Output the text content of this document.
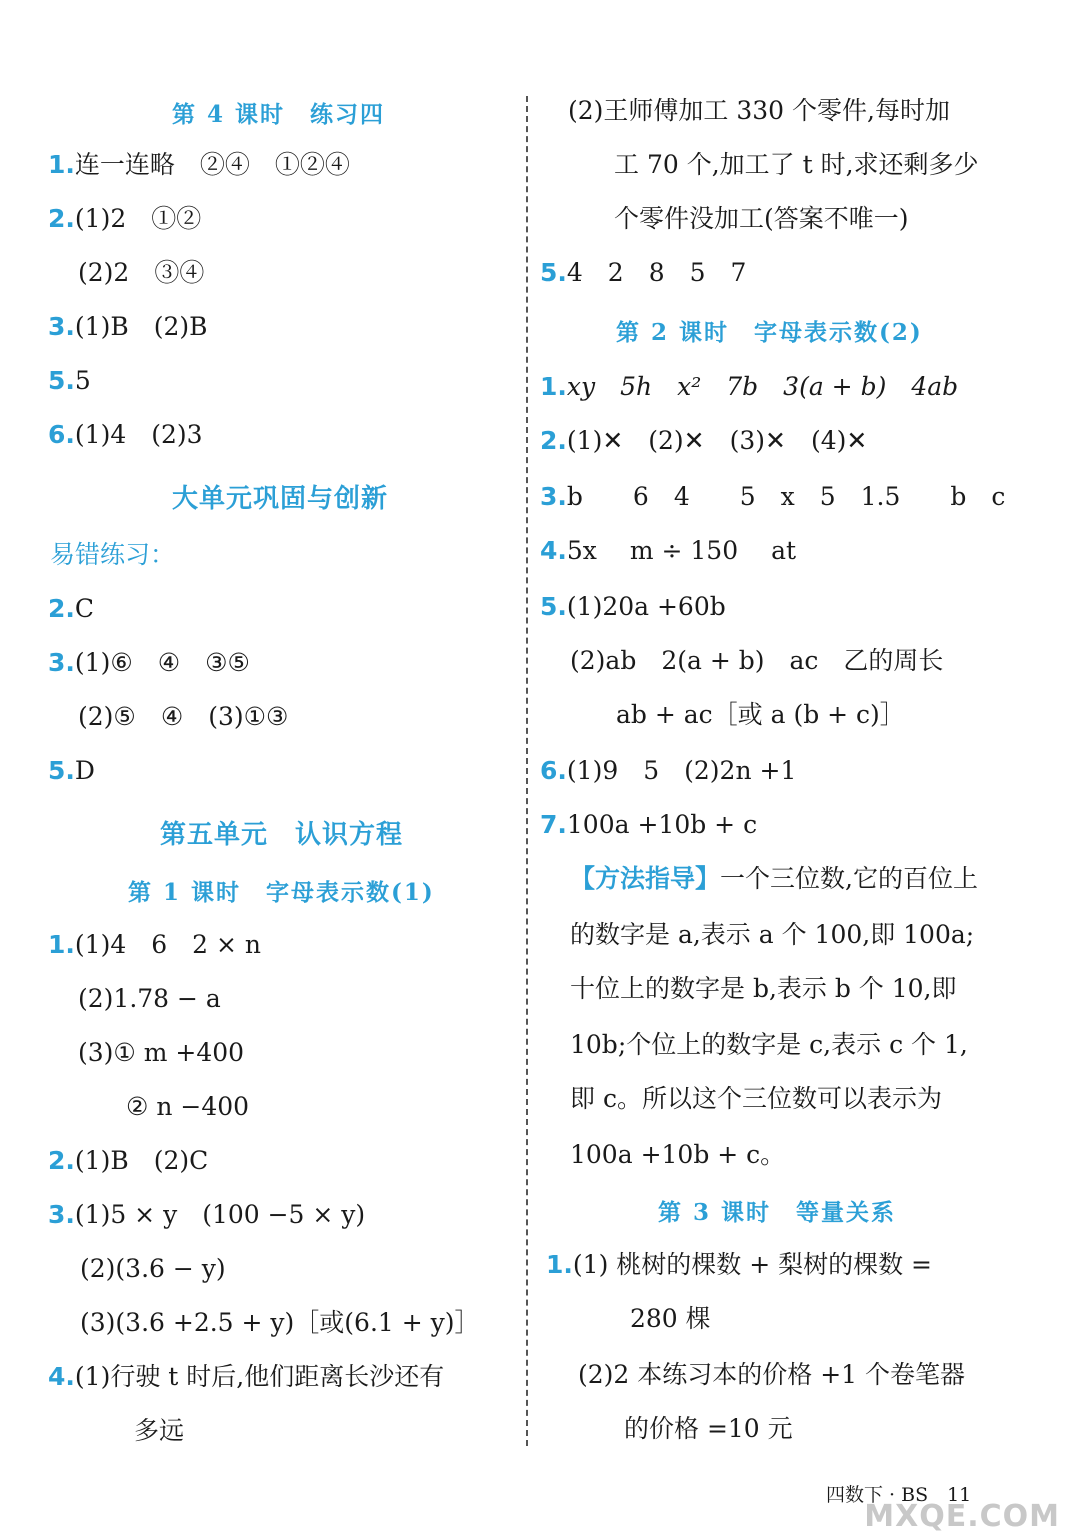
第 4 课时　练习四
1.连一连略　②④　①②④
2.(1)2　①②
(2)2　③④
3.(1)B　(2)B
5.5
6.(1)4　(2)3
大单元巩固与创新
易错练习：
2.C
3.(1)⑥　④　③⑤
(2)⑤　④　(3)①③
5.D
第五单元　认识方程
第 1 课时　字母表示数(1)
1.(1)4　6　2 × n
(2)1.78 − a
(3)① m +400
② n −400
2.(1)B　(2)C
3.(1)5 × y　(100 −5 × y)
(2)(3.6 − y)
(3)(3.6 +2.5 + y)［或(6.1 + y)］
4.(1)行驶 t 时后,他们距离长沙还有
多远
(2)王师傅加工 330 个零件,每时加
工 70 个,加工了 t 时,求还剩多少
个零件没加工(答案不唯一)
5.4　2　8　5　7
第 2 课时　字母表示数(2)
1.xy　5h　x²　7b　3(a + b)　4ab
2.(1)✕　(2)✕　(3)✕　(4)✕
3.b　　6　4　　5　x　5　1.5　　b　c
4.5x　 m ÷ 150　 at
5.(1)20a +60b
(2)ab　2(a + b)　ac　乙的周长
ab + ac［或 a (b + c)］
6.(1)9　5　(2)2n +1
7.100a +10b + c
【方法指导】一个三位数,它的百位上
的数字是 a,表示 a 个 100,即 100a;
十位上的数字是 b,表示 b 个 10,即
10b;个位上的数字是 c,表示 c 个 1,
即 c。所以这个三位数可以表示为
100a +10b + c。
第 3 课时　等量关系
1.(1) 桃树的棵数 + 梨树的棵数 =
280 棵
(2)2 本练习本的价格 +1 个卷笔器
的价格 =10 元
四数下 · BS　11
MXQE.COM
